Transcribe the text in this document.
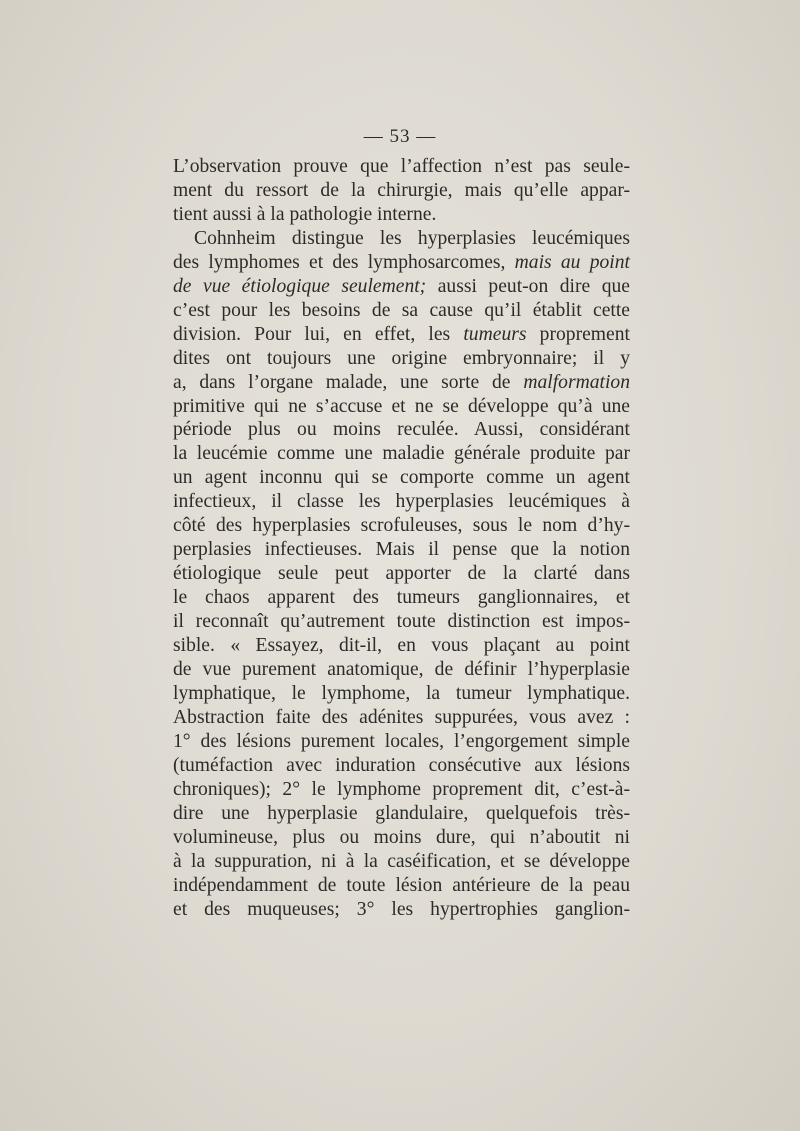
— 53 —
L’observation prouve que l’affection n’est pas seule-
ment du ressort de la chirurgie, mais qu’elle appar-
tient aussi à la pathologie interne.
Cohnheim distingue les hyperplasies leucémiques
des lymphomes et des lymphosarcomes, mais au point
de vue étiologique seulement; aussi peut-on dire que
c’est pour les besoins de sa cause qu’il établit cette
division. Pour lui, en effet, les tumeurs proprement
dites ont toujours une origine embryonnaire; il y
a, dans l’organe malade, une sorte de malformation
primitive qui ne s’accuse et ne se développe qu’à une
période plus ou moins reculée. Aussi, considérant
la leucémie comme une maladie générale produite par
un agent inconnu qui se comporte comme un agent
infectieux, il classe les hyperplasies leucémiques à
côté des hyperplasies scrofuleuses, sous le nom d’hy-
perplasies infectieuses. Mais il pense que la notion
étiologique seule peut apporter de la clarté dans
le chaos apparent des tumeurs ganglionnaires, et
il reconnaît qu’autrement toute distinction est impos-
sible. « Essayez, dit-il, en vous plaçant au point
de vue purement anatomique, de définir l’hyperplasie
lymphatique, le lymphome, la tumeur lymphatique.
Abstraction faite des adénites suppurées, vous avez :
1° des lésions purement locales, l’engorgement simple
(tuméfaction avec induration consécutive aux lésions
chroniques); 2° le lymphome proprement dit, c’est-à-
dire une hyperplasie glandulaire, quelquefois très-
volumineuse, plus ou moins dure, qui n’aboutit ni
à la suppuration, ni à la caséification, et se développe
indépendamment de toute lésion antérieure de la peau
et des muqueuses; 3° les hypertrophies ganglion-
